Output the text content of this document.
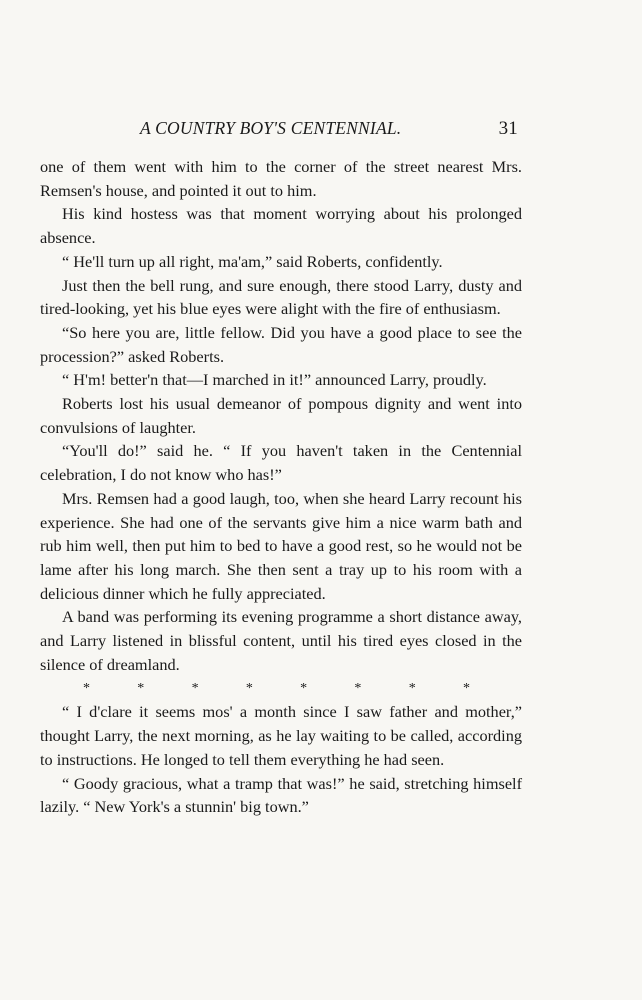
A COUNTRY BOY'S CENTENNIAL.	31

one of them went with him to the corner of the street nearest Mrs. Remsen's house, and pointed it out to him.

His kind hostess was that moment worrying about his prolonged absence.

“ He'll turn up all right, ma'am,” said Roberts, confidently.

Just then the bell rung, and sure enough, there stood Larry, dusty and tired-looking, yet his blue eyes were alight with the fire of enthusiasm.

“So here you are, little fellow. Did you have a good place to see the procession?” asked Roberts.

“ H'm! better'n that—I marched in it!” announced Larry, proudly.

Roberts lost his usual demeanor of pompous dignity and went into convulsions of laughter.

“You'll do!” said he. “ If you haven't taken in the Centennial celebration, I do not know who has!”

Mrs. Remsen had a good laugh, too, when she heard Larry recount his experience. She had one of the servants give him a nice warm bath and rub him well, then put him to bed to have a good rest, so he would not be lame after his long march. She then sent a tray up to his room with a delicious dinner which he fully appreciated.

A band was performing its evening programme a short distance away, and Larry listened in blissful content, until his tired eyes closed in the silence of dreamland.

*	*	*	*	*	*	*	*

“ I d'clare it seems mos' a month since I saw father and mother,” thought Larry, the next morning, as he lay waiting to be called, according to instructions. He longed to tell them everything he had seen.

“ Goody gracious, what a tramp that was!” he said, stretching himself lazily. “ New York's a stunnin' big town.”
